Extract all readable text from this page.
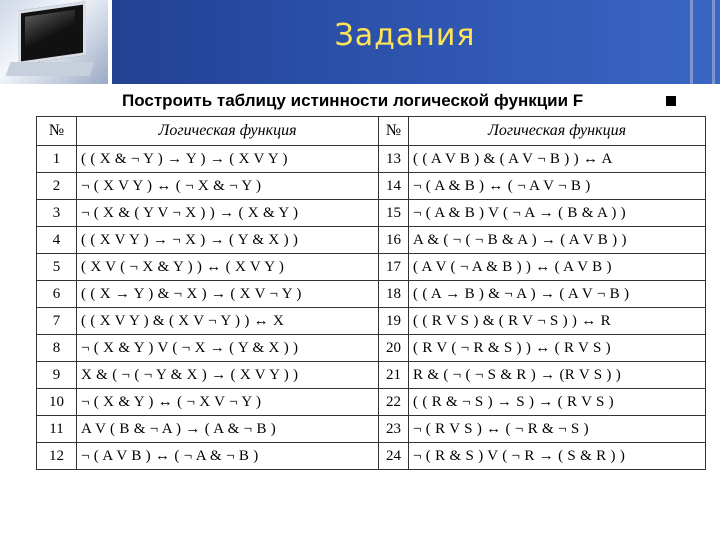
Задания
Построить таблицу истинности логической функции F
№	Логическая функция	№	Логическая функция
1	( ( X & ¬ Y ) → Y ) → ( X V Y )	13	( ( A V B ) & ( A V ¬ B ) ) ↔ A
2	¬ ( X V Y ) ↔ ( ¬ X & ¬ Y )	14	¬ ( A & B ) ↔ ( ¬ A V ¬ B )
3	¬ ( X & ( Y V ¬ X ) ) → ( X & Y )	15	¬ ( A & B ) V ( ¬ A → ( B & A ) )
4	( ( X V Y ) → ¬ X ) → ( Y & X ) )	16	A & ( ¬ ( ¬ B & A ) → ( A V B ) )
5	( X V ( ¬ X & Y ) ) ↔ ( X V Y )	17	( A V ( ¬ A & B ) ) ↔ ( A V B )
6	( ( X → Y ) & ¬ X ) → ( X V ¬ Y )	18	( ( A → B ) & ¬ A ) → ( A V ¬ B )
7	( ( X V Y ) & ( X V ¬ Y ) ) ↔ X	19	( ( R V S ) & ( R V ¬ S ) ) ↔ R
8	¬ ( X & Y ) V ( ¬ X → ( Y & X ) )	20	( R V ( ¬ R & S ) ) ↔ ( R V S )
9	X & ( ¬ ( ¬ Y & X ) → ( X V Y ) )	21	R & ( ¬ ( ¬ S & R ) → (R V S ) )
10	¬ ( X & Y ) ↔ ( ¬ X V ¬ Y )	22	( ( R & ¬ S ) → S ) → ( R V S )
11	A V ( B & ¬ A ) → ( A & ¬ B )	23	¬ ( R V S ) ↔ ( ¬ R & ¬ S )
12	¬ ( A V B ) ↔ ( ¬ A & ¬ B )	24	¬ ( R & S ) V ( ¬ R → ( S & R ) )
